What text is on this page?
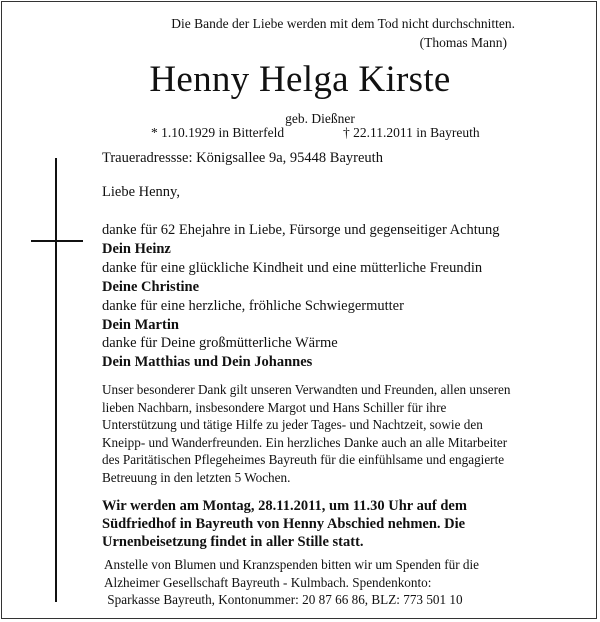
Die Bande der Liebe werden mit dem Tod nicht durchschnitten.
(Thomas Mann)
Henny Helga Kirste
geb. Dießner
* 1.10.1929 in Bitterfeld	† 22.11.2011 in Bayreuth
Traueradressse: Königsallee 9a, 95448 Bayreuth
Liebe Henny,
danke für 62 Ehejahre in Liebe, Fürsorge und gegenseitiger Achtung
Dein Heinz
danke für eine glückliche Kindheit und eine mütterliche Freundin
Deine Christine
danke für eine herzliche, fröhliche Schwiegermutter
Dein Martin
danke für Deine großmütterliche Wärme
Dein Matthias und Dein Johannes
Unser besonderer Dank gilt unseren Verwandten und Freunden, allen unseren
lieben Nachbarn, insbesondere Margot und Hans Schiller für ihre
Unterstützung und tätige Hilfe zu jeder Tages- und Nachtzeit, sowie den
Kneipp- und Wanderfreunden. Ein herzliches Danke auch an alle Mitarbeiter
des Paritätischen Pflegeheimes Bayreuth für die einfühlsame und engagierte
Betreuung in den letzten 5 Wochen.
Wir werden am Montag, 28.11.2011, um 11.30 Uhr auf dem
Südfriedhof in Bayreuth von Henny Abschied nehmen. Die
Urnenbeisetzung findet in aller Stille statt.
Anstelle von Blumen und Kranzspenden bitten wir um Spenden für die
Alzheimer Gesellschaft Bayreuth - Kulmbach. Spendenkonto:
Sparkasse Bayreuth, Kontonummer: 20 87 66 86, BLZ: 773 501 10
